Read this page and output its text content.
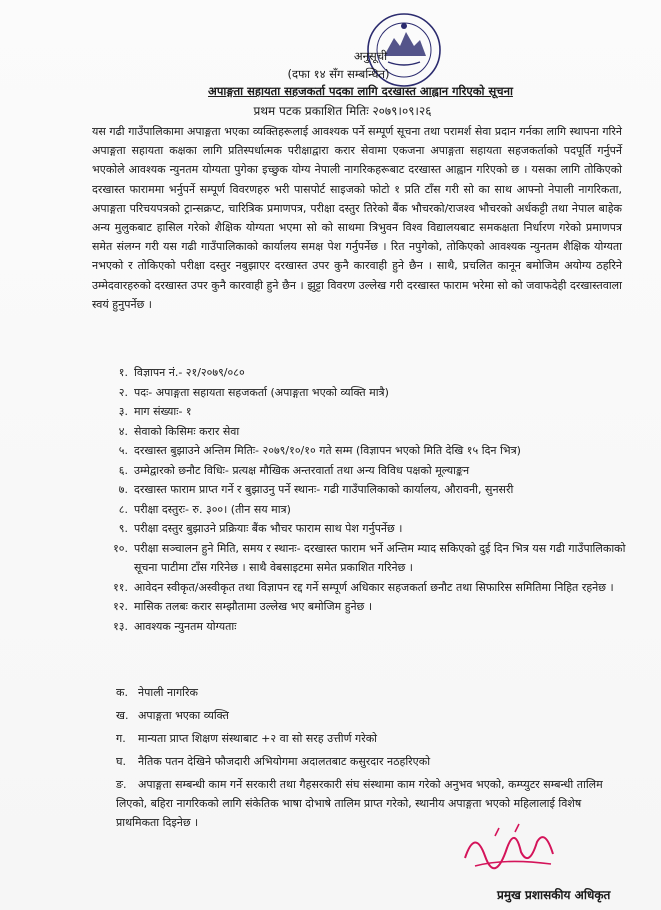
अनुसूची
(दफा १४ सँग सम्बन्धित)
अपाङ्गता सहायता सहजकर्ता पदका लागि दरखास्त आह्वान गरिएको सूचना
प्रथम पटक प्रकाशित मितिः २०७९।०९।२६

यस गढी गाउँपालिकामा अपाङ्गता भएका व्यक्तिहरूलाई आवश्यक पर्ने सम्पूर्ण सूचना तथा परामर्श सेवा प्रदान गर्नका लागि स्थापना गरिने अपाङ्गता सहायता कक्षका लागि प्रतिस्पर्धात्मक परीक्षाद्वारा करार सेवामा एकजना अपाङ्गता सहायता सहजकर्ताको पदपूर्ति गर्नुपर्ने भएकोले आवश्यक न्युनतम योग्यता पुगेका इच्छुक योग्य नेपाली नागरिकहरूबाट दरखास्त आह्वान गरिएको छ । यसका लागि तोकिएको दरखास्त फाराममा भर्नुपर्ने सम्पूर्ण विवरणहरु भरी पासपोर्ट साइजको फोटो १ प्रति टाँस गरी सो का साथ आफ्नो नेपाली नागरिकता, अपाङ्गता परिचयपत्रको ट्रान्सक्रप्ट, चारित्रिक प्रमाणपत्र, परीक्षा दस्तुर तिरेको बैंक भौचरको/राजश्व भौचरको अर्धकट्टी तथा नेपाल बाहेक अन्य मुलुकबाट हासिल गरेको शैक्षिक योग्यता भएमा सो को साथमा त्रिभुवन विश्व विद्यालयबाट समकक्षता निर्धारण गरेको प्रमाणपत्र समेत संलग्न गरी यस गढी गाउँपालिकाको कार्यालय समक्ष पेश गर्नुपर्नेछ । रित नपुगेको, तोकिएको आवश्यक न्युनतम शैक्षिक योग्यता नभएको र तोकिएको परीक्षा दस्तुर नबुझाएर दरखास्त उपर कुनै कारवाही हुने छैन । साथै, प्रचलित कानून बमोजिम अयोग्य ठहरिने उम्मेदवारहरुको दरखास्त उपर कुनै कारवाही हुने छैन । झुट्टा विवरण उल्लेख गरी दरखास्त फाराम भरेमा सो को जवाफदेही दरखास्तवाला स्वयं हुनुपर्नेछ ।

१. विज्ञापन नं.- २१/२०७९/०८०
२. पदः- अपाङ्गता सहायता सहजकर्ता (अपाङ्गता भएको व्यक्ति मात्रै)
३. माग संख्याः- १
४. सेवाको किसिमः करार सेवा
५. दरखास्त बुझाउने अन्तिम मितिः- २०७९/१०/१० गते सम्म (विज्ञापन भएको मिति देखि १५ दिन भित्र)
६. उम्मेद्वारको छनौट विधिः- प्रत्यक्ष मौखिक अन्तरवार्ता तथा अन्य विविध पक्षको मूल्याङ्कन
७. दरखास्त फाराम प्राप्त गर्ने र बुझाउनु पर्ने स्थानः- गढी गाउँपालिकाको कार्यालय, औरावनी, सुनसरी
८. परीक्षा दस्तुरः- रु. ३००। (तीन सय मात्र)
९. परीक्षा दस्तुर बुझाउने प्रक्रियाः बैंक भौचर फाराम साथ पेश गर्नुपर्नेछ ।
१०. परीक्षा सञ्चालन हुने मिति, समय र स्थानः- दरखास्त फाराम भर्ने अन्तिम म्याद सकिएको दुई दिन भित्र यस गढी गाउँपालिकाको सूचना पाटीमा टाँस गरिनेछ । साथै वेबसाइटमा समेत प्रकाशित गरिनेछ ।
११. आवेदन स्वीकृत/अस्वीकृत तथा विज्ञापन रद्द गर्ने सम्पूर्ण अधिकार सहजकर्ता छनौट तथा सिफारिस समितिमा निहित रहनेछ ।
१२. मासिक तलबः करार सम्झौतामा उल्लेख भए बमोजिम हुनेछ ।
१३. आवश्यक न्युनतम योग्यताः
क. नेपाली नागरिक
ख. अपाङ्गता भएका व्यक्ति
ग. मान्यता प्राप्त शिक्षण संस्थाबाट +२ वा सो सरह उत्तीर्ण गरेको
घ. नैतिक पतन देखिने फौजदारी अभियोगमा अदालतबाट कसुरदार नठहरिएको
ङ. अपाङ्गता सम्बन्धी काम गर्ने सरकारी तथा गैहसरकारी संघ संस्थामा काम गरेको अनुभव भएको, कम्प्युटर सम्बन्धी तालिम लिएको, बहिरा नागरिकको लागि संकेतिक भाषा दोभाषे तालिम प्राप्त गरेको, स्थानीय अपाङ्गता भएको महिलालाई विशेष प्राथमिकता दिइनेछ ।
प्रमुख प्रशासकीय अधिकृत
